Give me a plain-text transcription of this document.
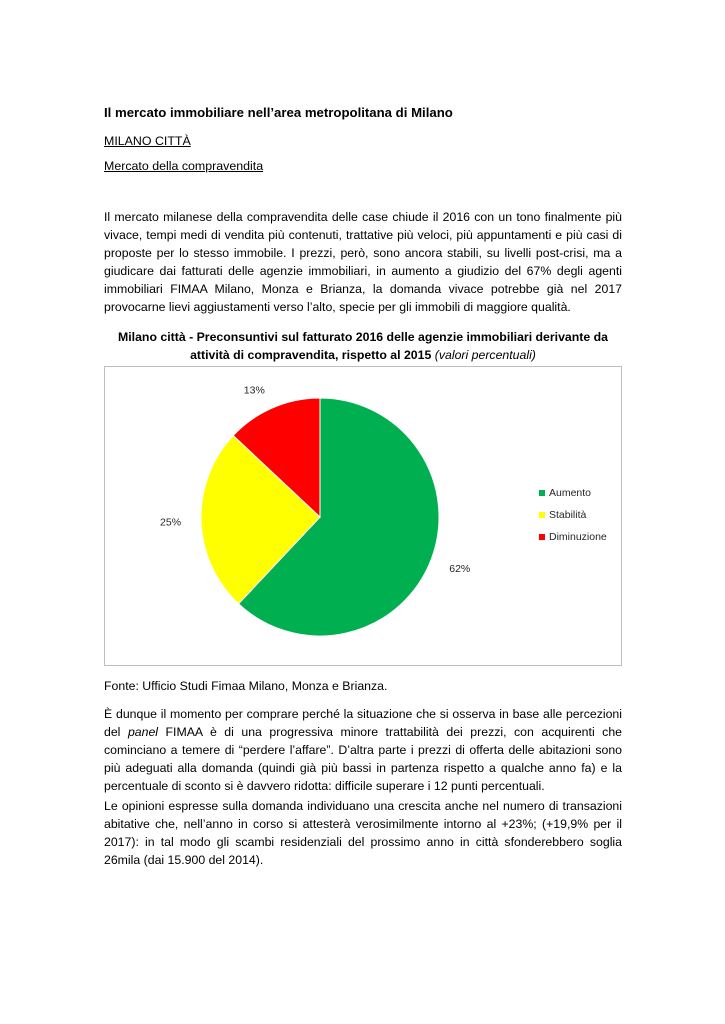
Il mercato immobiliare nell’area metropolitana di Milano
MILANO CITTÀ
Mercato della compravendita

Il mercato milanese della compravendita delle case chiude il 2016 con un tono finalmente più vivace, tempi medi di vendita più contenuti, trattative più veloci, più appuntamenti e più casi di proposte per lo stesso immobile. I prezzi, però, sono ancora stabili, su livelli post-crisi, ma a giudicare dai fatturati delle agenzie immobiliari, in aumento a giudizio del 67% degli agenti immobiliari FIMAA Milano, Monza e Brianza, la domanda vivace potrebbe già nel 2017 provocarne lievi aggiustamenti verso l’alto, specie per gli immobili di maggiore qualità.

Milano città - Preconsuntivi sul fatturato 2016 delle agenzie immobiliari derivante da attività di compravendita, rispetto al 2015 (valori percentuali)
62%
25%
13%
Aumento
Stabilità
Diminuzione
Fonte: Ufficio Studi Fimaa Milano, Monza e Brianza.

È dunque il momento per comprare perché la situazione che si osserva in base alle percezioni del panel FIMAA è di una progressiva minore trattabilità dei prezzi, con acquirenti che cominciano a temere di “perdere l’affare”. D’altra parte i prezzi di offerta delle abitazioni sono più adeguati alla domanda (quindi già più bassi in partenza rispetto a qualche anno fa) e la percentuale di sconto si è davvero ridotta: difficile superare i 12 punti percentuali.

Le opinioni espresse sulla domanda individuano una crescita anche nel numero di transazioni abitative che, nell’anno in corso si attesterà verosimilmente intorno al +23%; (+19,9% per il 2017): in tal modo gli scambi residenziali del prossimo anno in città sfonderebbero soglia 26mila (dai 15.900 del 2014).
